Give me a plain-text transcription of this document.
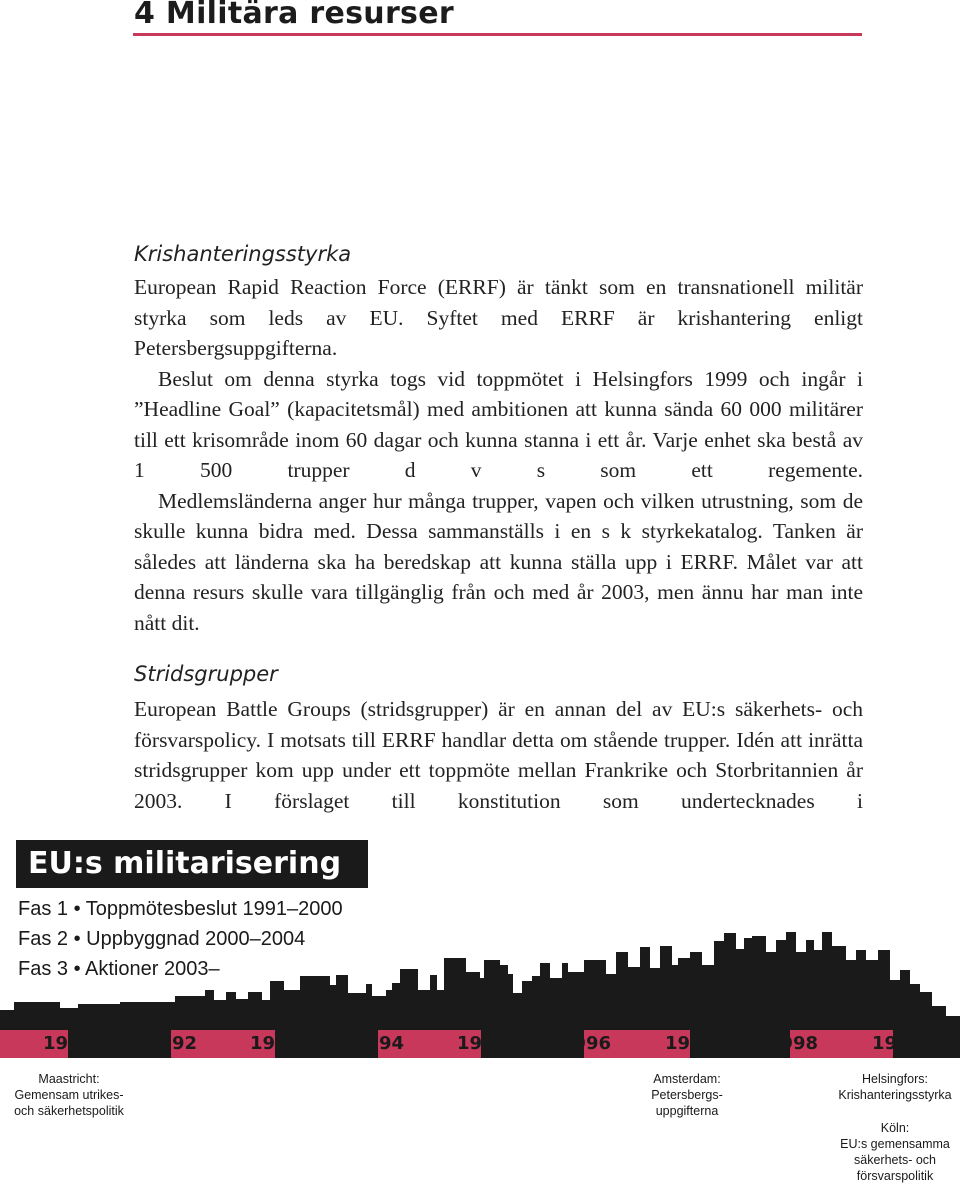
4 Militära resurser
Krishanteringsstyrka

European Rapid Reaction Force (ERRF) är tänkt som en transnationell militär styrka som leds av EU. Syftet med ERRF är krishantering enligt Petersbergsuppgifterna.

Beslut om denna styrka togs vid toppmötet i Helsingfors 1999 och ingår i ”Headline Goal” (kapacitetsmål) med ambitionen att kunna sända 60 000 militärer till ett krisområde inom 60 dagar och kunna stanna i ett år. Varje enhet ska bestå av 1 500 trupper d v s som ett regemente.

Medlemsländerna anger hur många trupper, vapen och vilken utrustning, som de skulle kunna bidra med. Dessa sammanställs i en s k styrkekatalog. Tanken är således att länderna ska ha beredskap att kunna ställa upp i ERRF. Målet var att denna resurs skulle vara tillgänglig från och med år 2003, men ännu har man inte nått dit.

Stridsgrupper

European Battle Groups (stridsgrupper) är en annan del av EU:s säkerhets- och försvarspolicy. I motsats till ERRF handlar detta om stående trupper. Idén att inrätta stridsgrupper kom upp under ett toppmöte mellan Frankrike och Storbritannien år 2003. I förslaget till konstitution som undertecknades i

EU:s militarisering
Fas 1 • Toppmötesbeslut 1991–2000
Fas 2 • Uppbyggnad 2000–2004
Fas 3 • Aktioner 2003–
1991	1992	1993	1994	1995	1996	1997	1998	1999
Maastricht:
Gemensam utrikes-
och säkerhetspolitik
Amsterdam:
Petersbergs-
uppgifterna
Helsingfors:
Krishanteringsstyrka
Köln:
EU:s gemensamma
säkerhets- och
försvarspolitik
